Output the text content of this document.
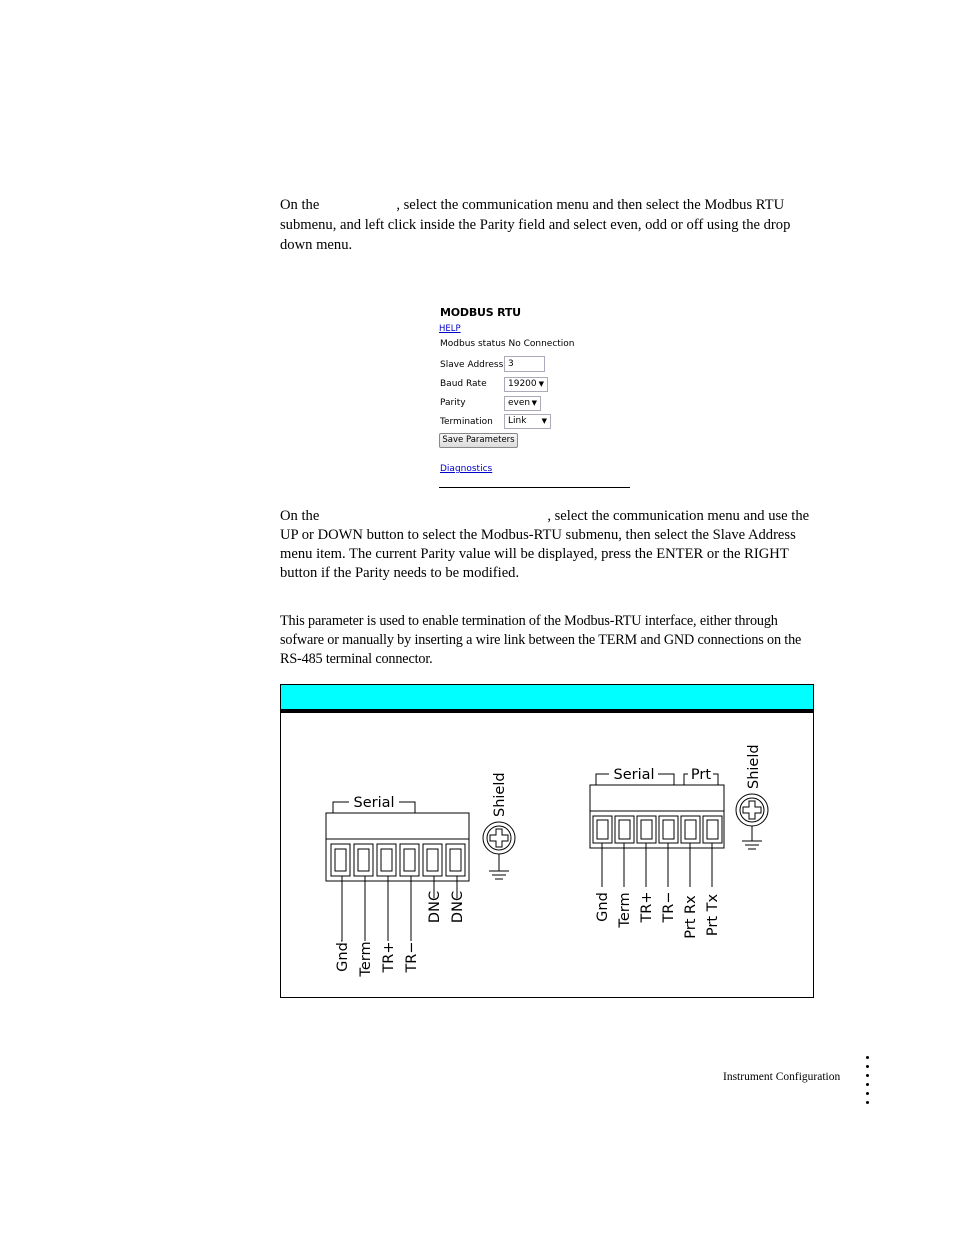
On the	, select the communication menu and then select the Modbus RTU submenu, and left click inside the Parity field and select even, odd or off using the drop down menu.

MODBUS RTU
HELP
Modbus status No Connection
Slave Address 3
Baud Rate	19200 ▼
Parity	even ▼
Termination	Link ▼
Save Parameters
Diagnostics

On the	, select the communication menu and use the UP or DOWN button to select the Modbus-RTU submenu, then select the Slave Address menu item. The current Parity value will be displayed, press the ENTER or the RIGHT button if the Parity needs to be modified.

This parameter is used to enable termination of the Modbus-RTU interface, either through sofware or manually by inserting a wire link between the TERM and GND connections on the RS-485 terminal connector.

Serial	Shield
Gnd Term TR+ TR−
DNC DNC
Serial	Prt Shield
Gnd Term TR+ TR− Prt Rx Prt Tx
Instrument Configuration
